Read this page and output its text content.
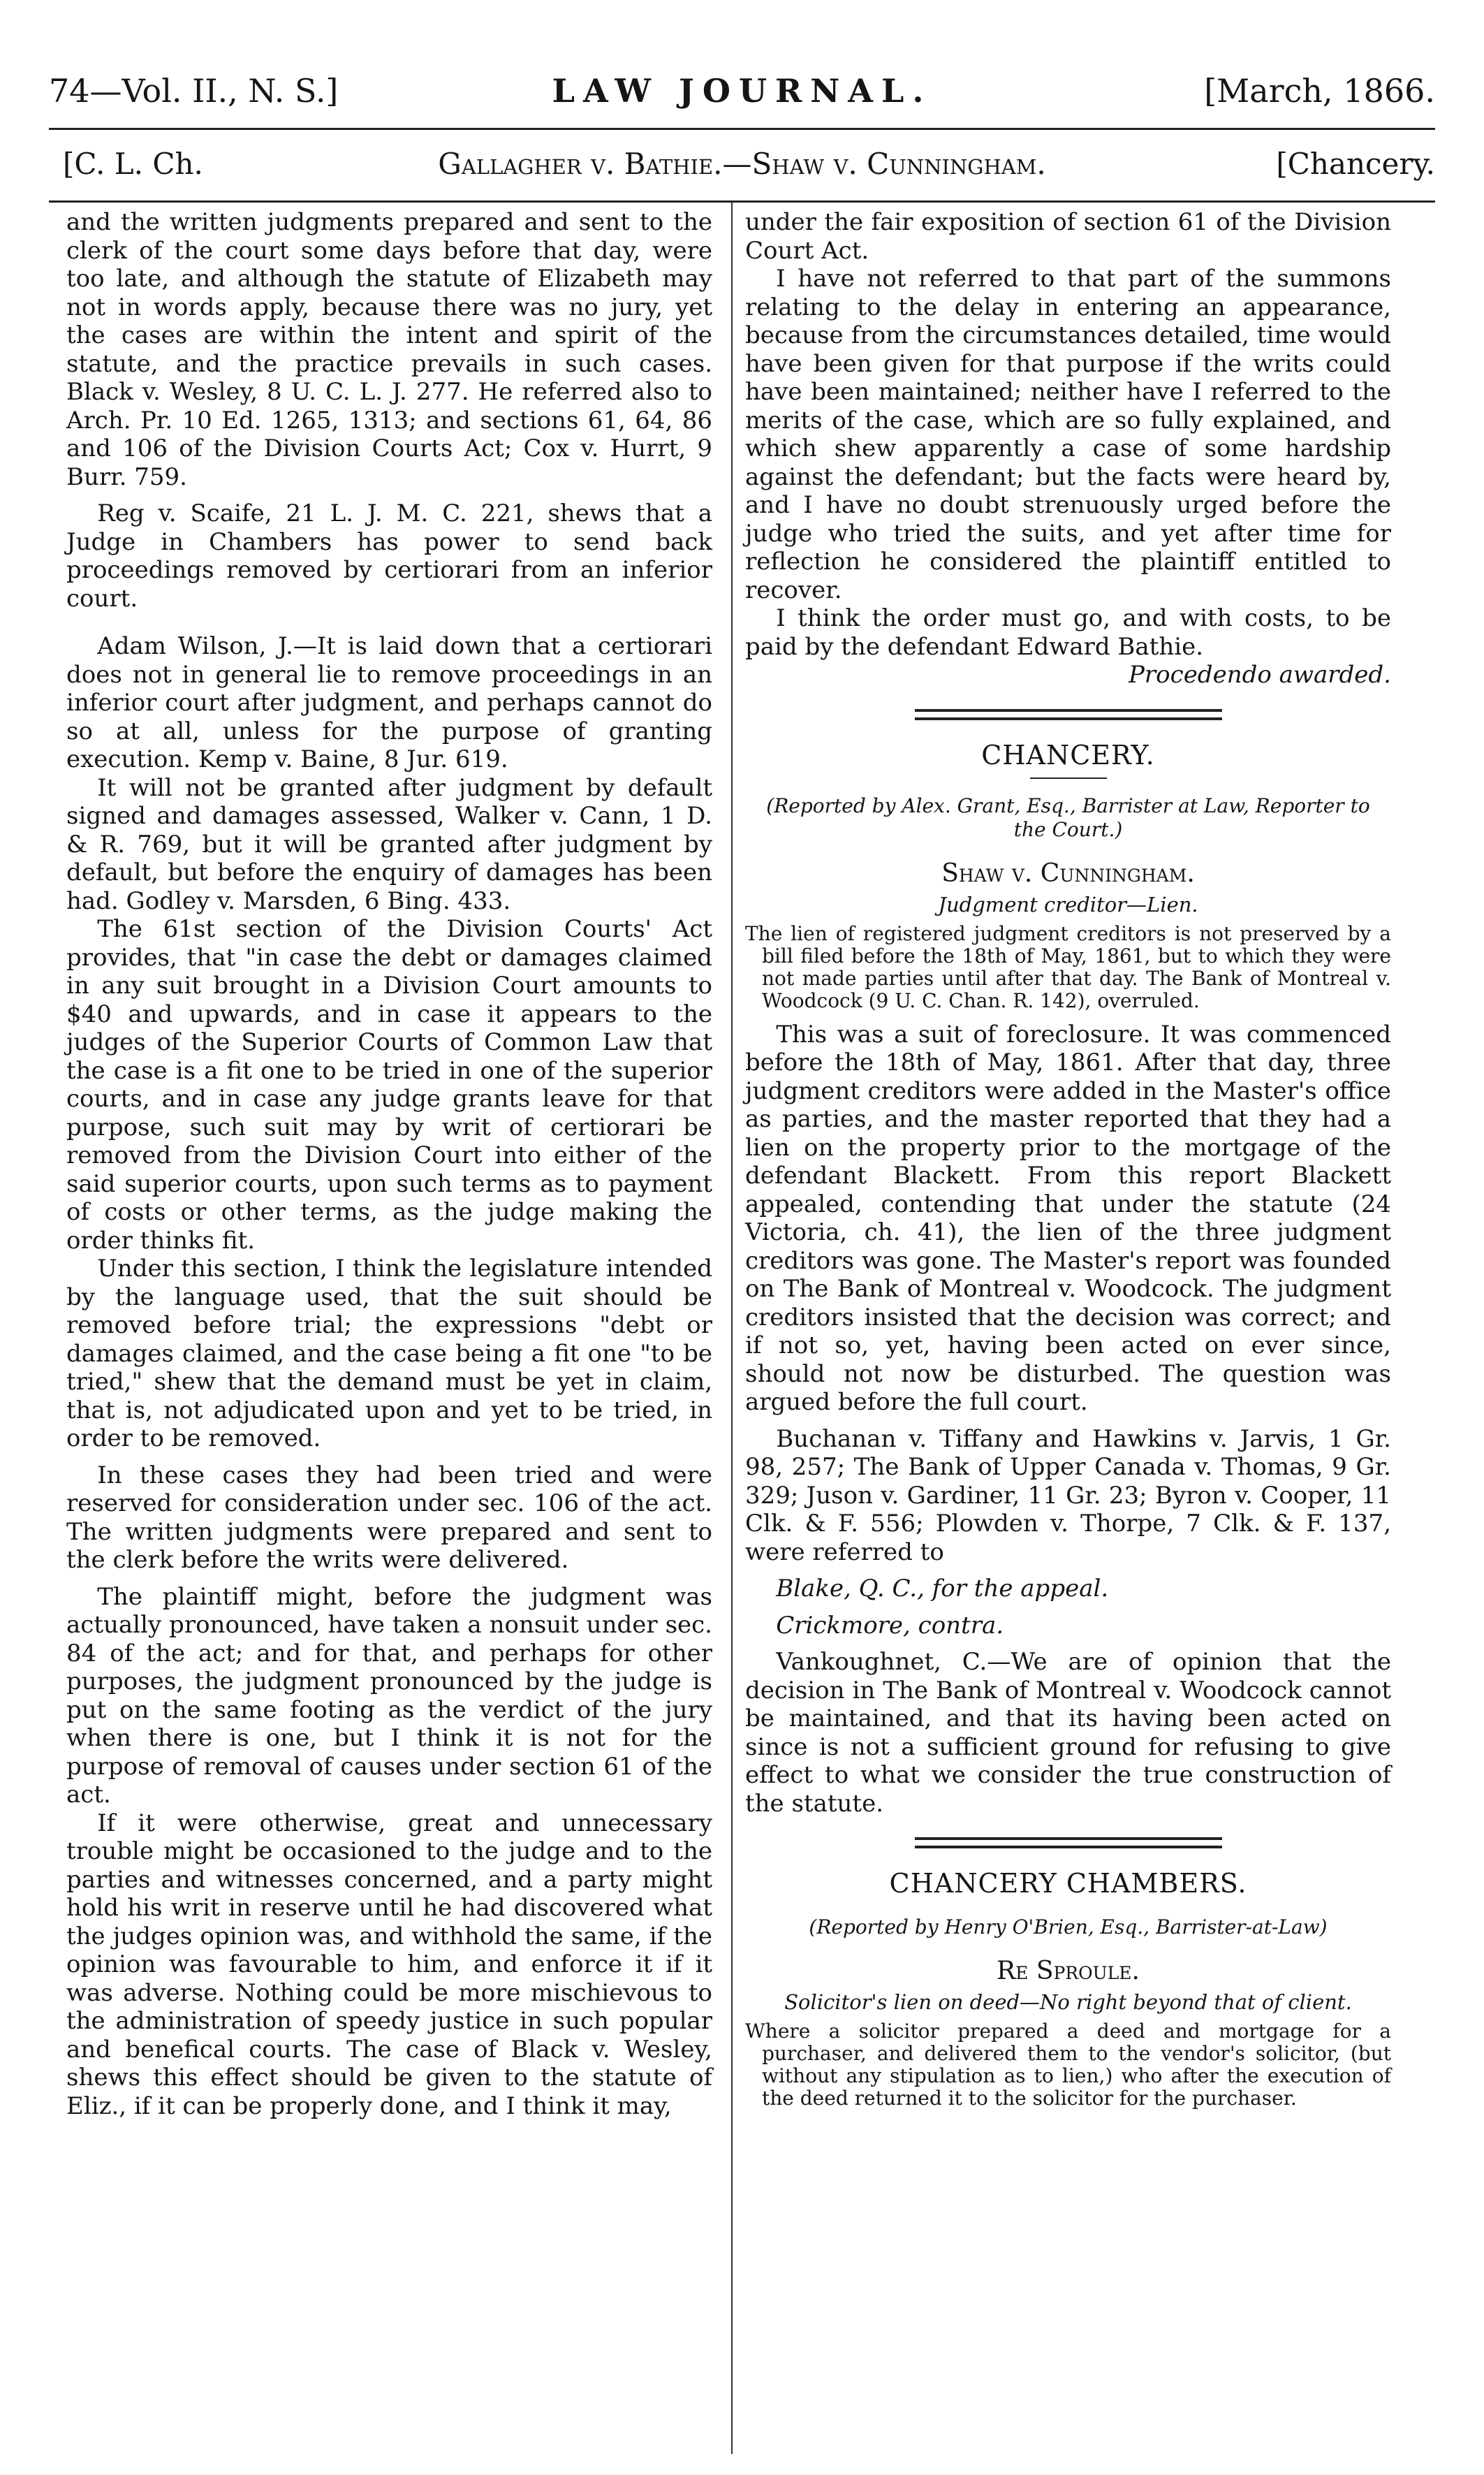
74—Vol. II., N. S.]	LAW JOURNAL.	[March, 1866.
[C. L. Ch.	Gallagher v. Bathie.—Shaw v. Cunningham.	[Chancery.

and the written judgments prepared and sent to the clerk of the court some days before that day, were too late, and although the statute of Elizabeth may not in words apply, because there was no jury, yet the cases are within the intent and spirit of the statute, and the practice prevails in such cases. Black v. Wesley, 8 U. C. L. J. 277. He referred also to Arch. Pr. 10 Ed. 1265, 1313; and sections 61, 64, 86 and 106 of the Division Courts Act; Cox v. Hurrt, 9 Burr. 759.

Reg v. Scaife, 21 L. J. M. C. 221, shews that a Judge in Chambers has power to send back proceedings removed by certiorari from an inferior court.

Adam Wilson, J.—It is laid down that a certiorari does not in general lie to remove proceedings in an inferior court after judgment, and perhaps cannot do so at all, unless for the purpose of granting execution. Kemp v. Baine, 8 Jur. 619.

It will not be granted after judgment by default signed and damages assessed, Walker v. Cann, 1 D. & R. 769, but it will be granted after judgment by default, but before the enquiry of damages has been had. Godley v. Marsden, 6 Bing. 433.

The 61st section of the Division Courts' Act provides, that "in case the debt or damages claimed in any suit brought in a Division Court amounts to $40 and upwards, and in case it appears to the judges of the Superior Courts of Common Law that the case is a fit one to be tried in one of the superior courts, and in case any judge grants leave for that purpose, such suit may by writ of certiorari be removed from the Division Court into either of the said superior courts, upon such terms as to payment of costs or other terms, as the judge making the order thinks fit.

Under this section, I think the legislature intended by the language used, that the suit should be removed before trial; the expressions "debt or damages claimed, and the case being a fit one "to be tried," shew that the demand must be yet in claim, that is, not adjudicated upon and yet to be tried, in order to be removed.

In these cases they had been tried and were reserved for consideration under sec. 106 of the act. The written judgments were prepared and sent to the clerk before the writs were delivered.

The plaintiff might, before the judgment was actually pronounced, have taken a nonsuit under sec. 84 of the act; and for that, and perhaps for other purposes, the judgment pronounced by the judge is put on the same footing as the verdict of the jury when there is one, but I think it is not for the purpose of removal of causes under section 61 of the act.

If it were otherwise, great and unnecessary trouble might be occasioned to the judge and to the parties and witnesses concerned, and a party might hold his writ in reserve until he had discovered what the judges opinion was, and withhold the same, if the opinion was favourable to him, and enforce it if it was adverse. Nothing could be more mischievous to the administration of speedy justice in such popular and benefical courts. The case of Black v. Wesley, shews this effect should be given to the statute of Eliz., if it can be properly done, and I think it may,

under the fair exposition of section 61 of the Division Court Act.

I have not referred to that part of the summons relating to the delay in entering an appearance, because from the circumstances detailed, time would have been given for that purpose if the writs could have been maintained; neither have I referred to the merits of the case, which are so fully explained, and which shew apparently a case of some hardship against the defendant; but the facts were heard by, and I have no doubt strenuously urged before the judge who tried the suits, and yet after time for reflection he considered the plaintiff entitled to recover.

I think the order must go, and with costs, to be paid by the defendant Edward Bathie.

Procedendo awarded.

CHANCERY.
(Reported by Alex. Grant, Esq., Barrister at Law, Reporter to the Court.)
Shaw v. Cunningham.
Judgment creditor—Lien.
The lien of registered judgment creditors is not preserved by a bill filed before the 18th of May, 1861, but to which they were not made parties until after that day. The Bank of Montreal v. Woodcock (9 U. C. Chan. R. 142), overruled.

This was a suit of foreclosure. It was commenced before the 18th of May, 1861. After that day, three judgment creditors were added in the Master's office as parties, and the master reported that they had a lien on the property prior to the mortgage of the defendant Blackett. From this report Blackett appealed, contending that under the statute (24 Victoria, ch. 41), the lien of the three judgment creditors was gone. The Master's report was founded on The Bank of Montreal v. Woodcock. The judgment creditors insisted that the decision was correct; and if not so, yet, having been acted on ever since, should not now be disturbed. The question was argued before the full court.

Buchanan v. Tiffany and Hawkins v. Jarvis, 1 Gr. 98, 257; The Bank of Upper Canada v. Thomas, 9 Gr. 329; Juson v. Gardiner, 11 Gr. 23; Byron v. Cooper, 11 Clk. & F. 556; Plowden v. Thorpe, 7 Clk. & F. 137, were referred to

Blake, Q. C., for the appeal.

Crickmore, contra.

Vankoughnet, C.—We are of opinion that the decision in The Bank of Montreal v. Woodcock cannot be maintained, and that its having been acted on since is not a sufficient ground for refusing to give effect to what we consider the true construction of the statute.

CHANCERY CHAMBERS.
(Reported by Henry O'Brien, Esq., Barrister-at-Law)
Re Sproule.
Solicitor's lien on deed—No right beyond that of client.
Where a solicitor prepared a deed and mortgage for a purchaser, and delivered them to the vendor's solicitor, (but without any stipulation as to lien,) who after the execution of the deed returned it to the solicitor for the purchaser.
